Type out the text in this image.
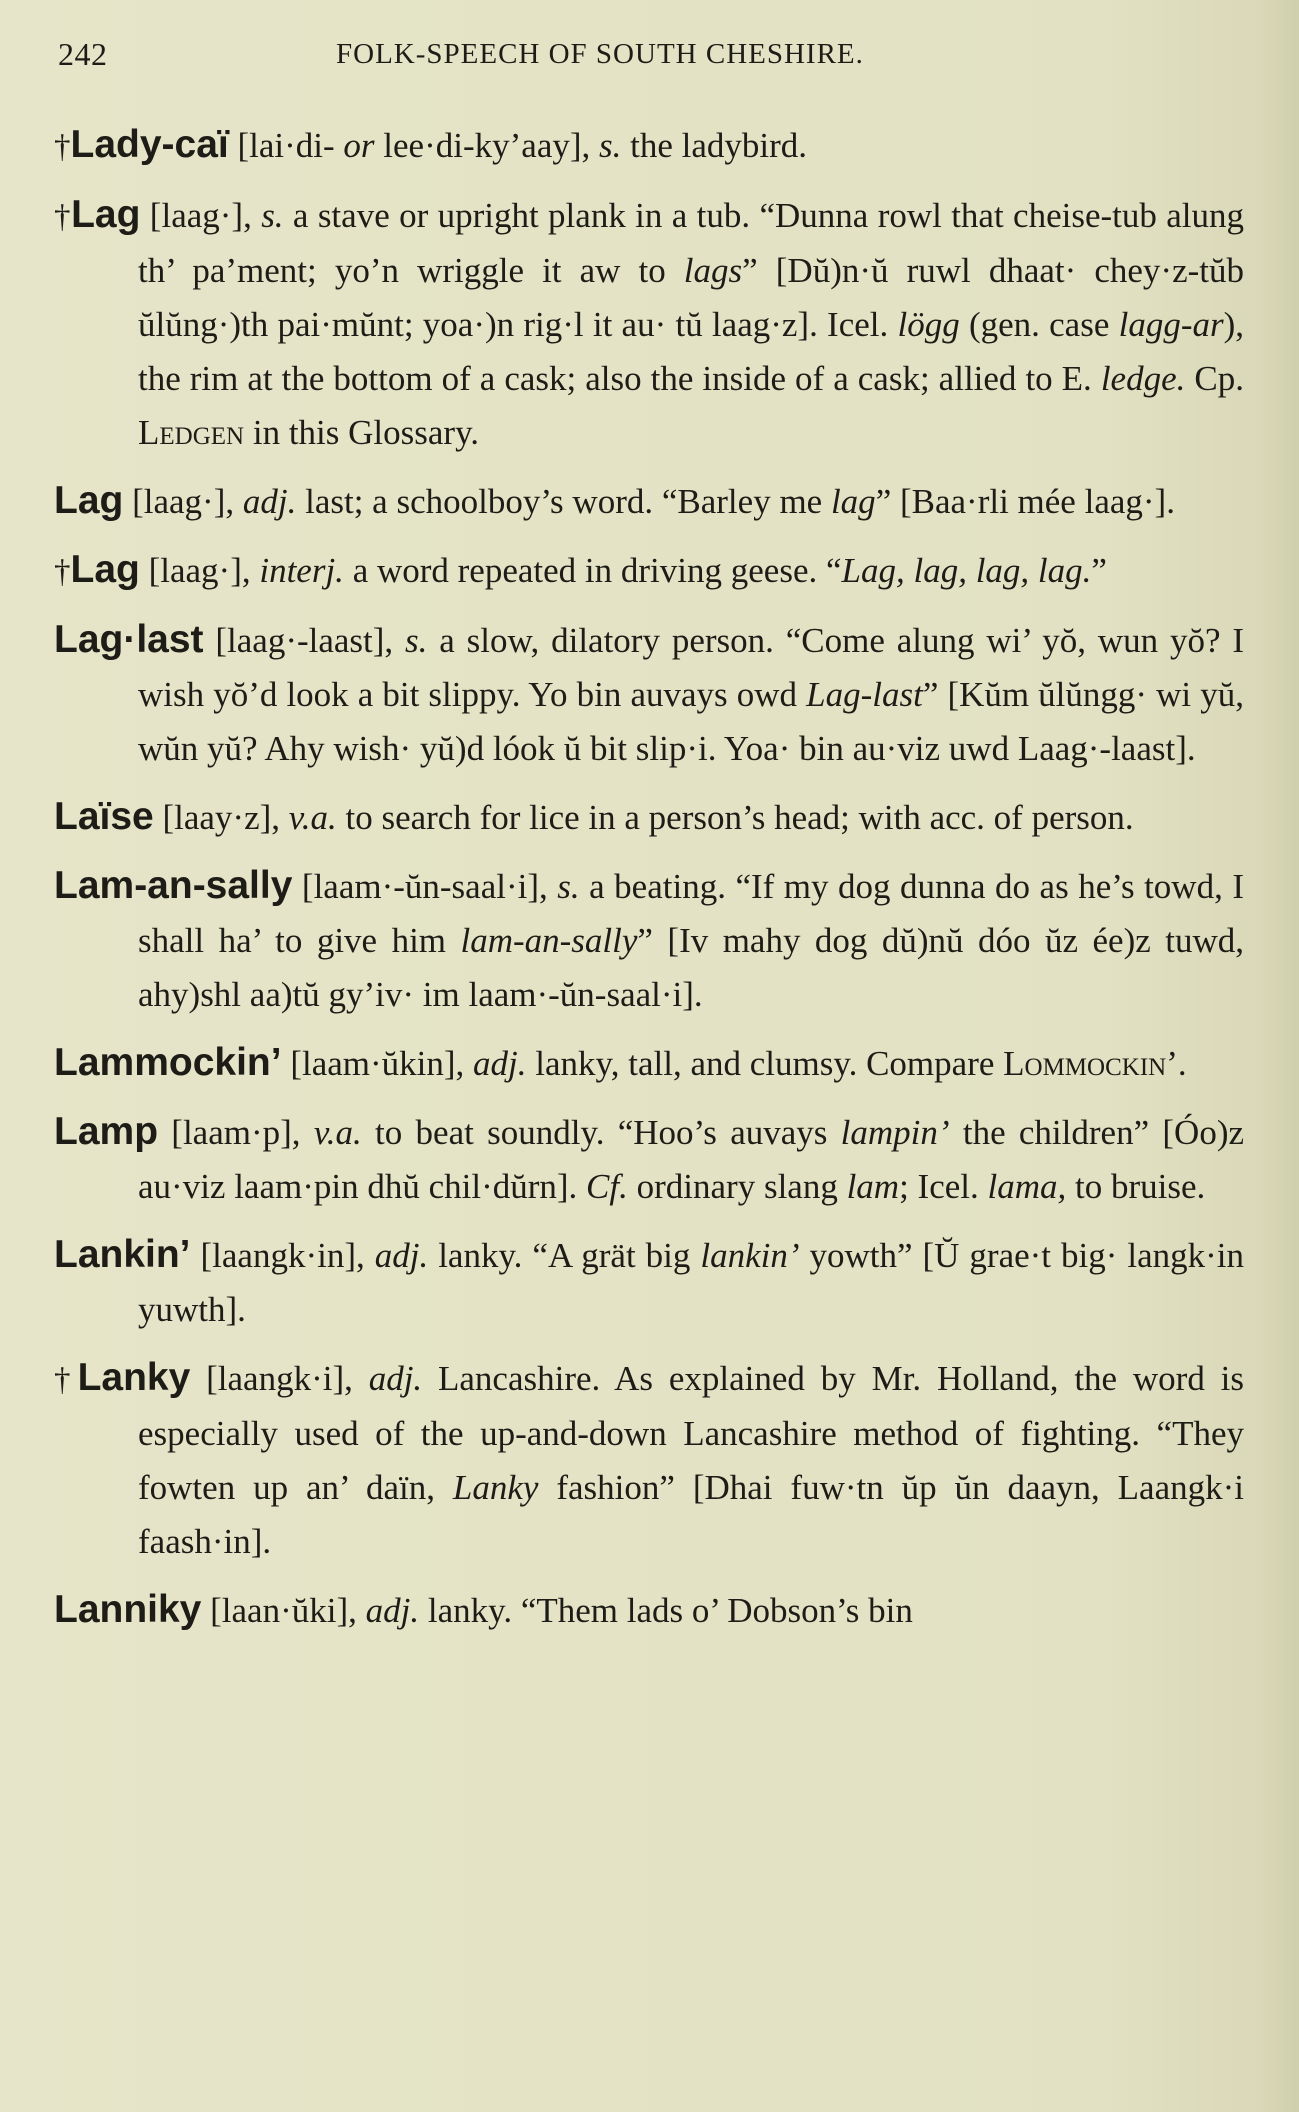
242	FOLK-SPEECH OF SOUTH CHESHIRE.

†Lady-caï [lai·di- or lee·di-ky’aay], s. the ladybird.

†Lag [laag·], s. a stave or upright plank in a tub. “Dunna rowl that cheise-tub alung th’ pa’ment; yo’n wriggle it aw to lags” [Dŭ)n·ŭ ruwl dhaat· chey·z-tŭb ŭlŭng·)th pai·mŭnt; yoa·)n rig·l it au· tŭ laag·z]. Icel. lögg (gen. case lagg-ar), the rim at the bottom of a cask; also the inside of a cask; allied to E. ledge. Cp. Ledgen in this Glossary.

Lag [laag·], adj. last; a schoolboy’s word. “Barley me lag” [Baa·rli mée laag·].

†Lag [laag·], interj. a word repeated in driving geese. “Lag, lag, lag, lag.”

Lag·last [laag·-laast], s. a slow, dilatory person. “Come alung wi’ yŏ, wun yŏ? I wish yŏ’d look a bit slippy. Yo bin auvays owd Lag-last” [Kŭm ŭlŭngg· wi yŭ, wŭn yŭ? Ahy wish· yŭ)d lóok ŭ bit slip·i. Yoa· bin au·viz uwd Laag·-laast].

Laïse [laay·z], v.a. to search for lice in a person’s head; with acc. of person.

Lam-an-sally [laam·-ŭn-saal·i], s. a beating. “If my dog dunna do as he’s towd, I shall ha’ to give him lam-an-sally” [Iv mahy dog dŭ)nŭ dóo ŭz ée)z tuwd, ahy)shl aa)tŭ gy’iv· im laam·-ŭn-saal·i].

Lammockin’ [laam·ŭkin], adj. lanky, tall, and clumsy. Compare Lommockin’.

Lamp [laam·p], v.a. to beat soundly. “Hoo’s auvays lampin’ the children” [Óo)z au·viz laam·pin dhŭ chil·dŭrn]. Cf. ordinary slang lam; Icel. lama, to bruise.

Lankin’ [laangk·in], adj. lanky. “A grät big lankin’ yowth” [Ŭ grae·t big· langk·in yuwth].

†Lanky [laangk·i], adj. Lancashire. As explained by Mr. Holland, the word is especially used of the up-and-down Lancashire method of fighting. “They fowten up an’ daïn, Lanky fashion” [Dhai fuw·tn ŭp ŭn daayn, Laangk·i faash·in].

Lanniky [laan·ŭki], adj. lanky. “Them lads o’ Dobson’s bin
